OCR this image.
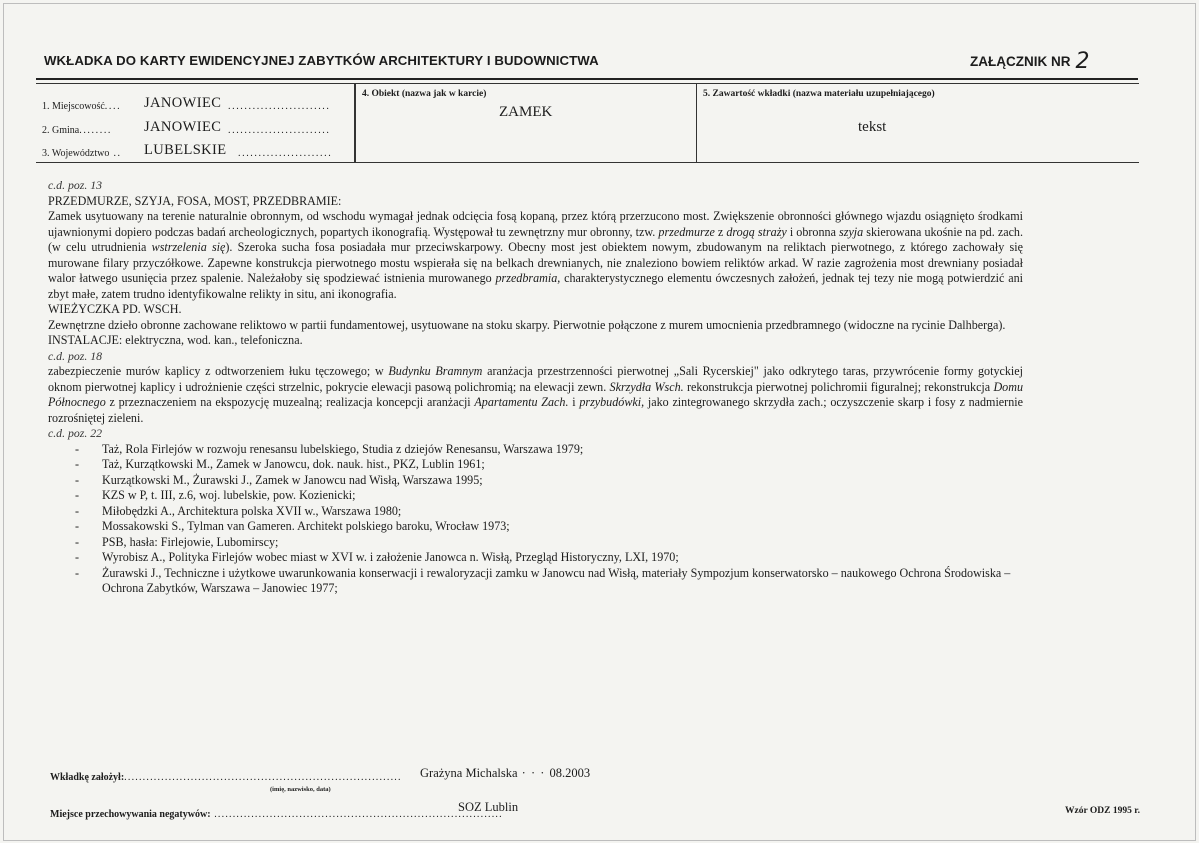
WKŁADKA DO KARTY EWIDENCYJNEJ ZABYTKÓW ARCHITEKTURY I BUDOWNICTWA	ZAŁĄCZNIK NR 2
1. Miejscowość.... JANOWIEC .........................
2. Gmina........ JANOWIEC .........................
3. Województwo .. LUBELSKIE .......................
4. Obiekt (nazwa jak w karcie)
ZAMEK
5. Zawartość wkładki (nazwa materiału uzupełniającego)
tekst

c.d. poz. 13

PRZEDMURZE, SZYJA, FOSA, MOST, PRZEDBRAMIE:

Zamek usytuowany na terenie naturalnie obronnym, od wschodu wymagał jednak odcięcia fosą kopaną, przez którą przerzucono most. Zwiększenie obronności głównego wjazdu osiągnięto środkami ujawnionymi dopiero podczas badań archeologicznych, popartych ikonografią. Występował tu zewnętrzny mur obronny, tzw. przedmurze z drogą straży i obronna szyja skierowana ukośnie na pd. zach. (w celu utrudnienia wstrzelenia się). Szeroka sucha fosa posiadała mur przeciwskarpowy. Obecny most jest obiektem nowym, zbudowanym na reliktach pierwotnego, z którego zachowały się murowane filary przyczółkowe. Zapewne konstrukcja pierwotnego mostu wspierała się na belkach drewnianych, nie znaleziono bowiem reliktów arkad. W razie zagrożenia most drewniany posiadał walor łatwego usunięcia przez spalenie. Należałoby się spodziewać istnienia murowanego przedbramia, charakterystycznego elementu ówczesnych założeń, jednak tej tezy nie mogą potwierdzić ani zbyt małe, zatem trudno identyfikowalne relikty in situ, ani ikonografia.

WIEŻYCZKA PD. WSCH.

Zewnętrzne dzieło obronne zachowane reliktowo w partii fundamentowej, usytuowane na stoku skarpy. Pierwotnie połączone z murem umocnienia przedbramnego (widoczne na rycinie Dalhberga).

INSTALACJE: elektryczna, wod. kan., telefoniczna.

c.d. poz. 18

zabezpieczenie murów kaplicy z odtworzeniem łuku tęczowego; w Budynku Bramnym aranżacja przestrzenności pierwotnej „Sali Rycerskiej" jako odkrytego taras, przywrócenie formy gotyckiej oknom pierwotnej kaplicy i udrożnienie części strzelnic, pokrycie elewacji pasową polichromią; na elewacji zewn. Skrzydła Wsch. rekonstrukcja pierwotnej polichromii figuralnej; rekonstrukcja Domu Północnego z przeznaczeniem na ekspozycję muzealną; realizacja koncepcji aranżacji Apartamentu Zach. i przybudówki, jako zintegrowanego skrzydła zach.; oczyszczenie skarp i fosy z nadmiernie rozrośniętej zieleni.

c.d. poz. 22

- Taż, Rola Firlejów w rozwoju renesansu lubelskiego, Studia z dziejów Renesansu, Warszawa 1979;
- Taż, Kurzątkowski M., Zamek w Janowcu, dok. nauk. hist., PKZ, Lublin 1961;
- Kurzątkowski M., Żurawski J., Zamek w Janowcu nad Wisłą, Warszawa 1995;
- KZS w P, t. III, z.6, woj. lubelskie, pow. Kozienicki;
- Miłobędzki A., Architektura polska XVII w., Warszawa 1980;
- Mossakowski S., Tylman van Gameren. Architekt polskiego baroku, Wrocław 1973;
- PSB, hasła: Firlejowie, Lubomirscy;
- Wyrobisz A., Polityka Firlejów wobec miast w XVI w. i założenie Janowca n. Wisłą, Przegląd Historyczny, LXI, 1970;
- Żurawski J., Techniczne i użytkowe uwarunkowania konserwacji i rewaloryzacji zamku w Janowcu nad Wisłą, materiały Sympozjum konserwatorsko – naukowego Ochrona Środowiska – Ochrona Zabytków, Warszawa – Janowiec 1977;
Wkładkę założył:........................................................................... Grażyna Michalska · · · 08.2003
(imię, nazwisko, data)
Miejsce przechowywania negatywów: ..............................................................................
SOZ Lublin	Wzór ODZ 1995 r.
